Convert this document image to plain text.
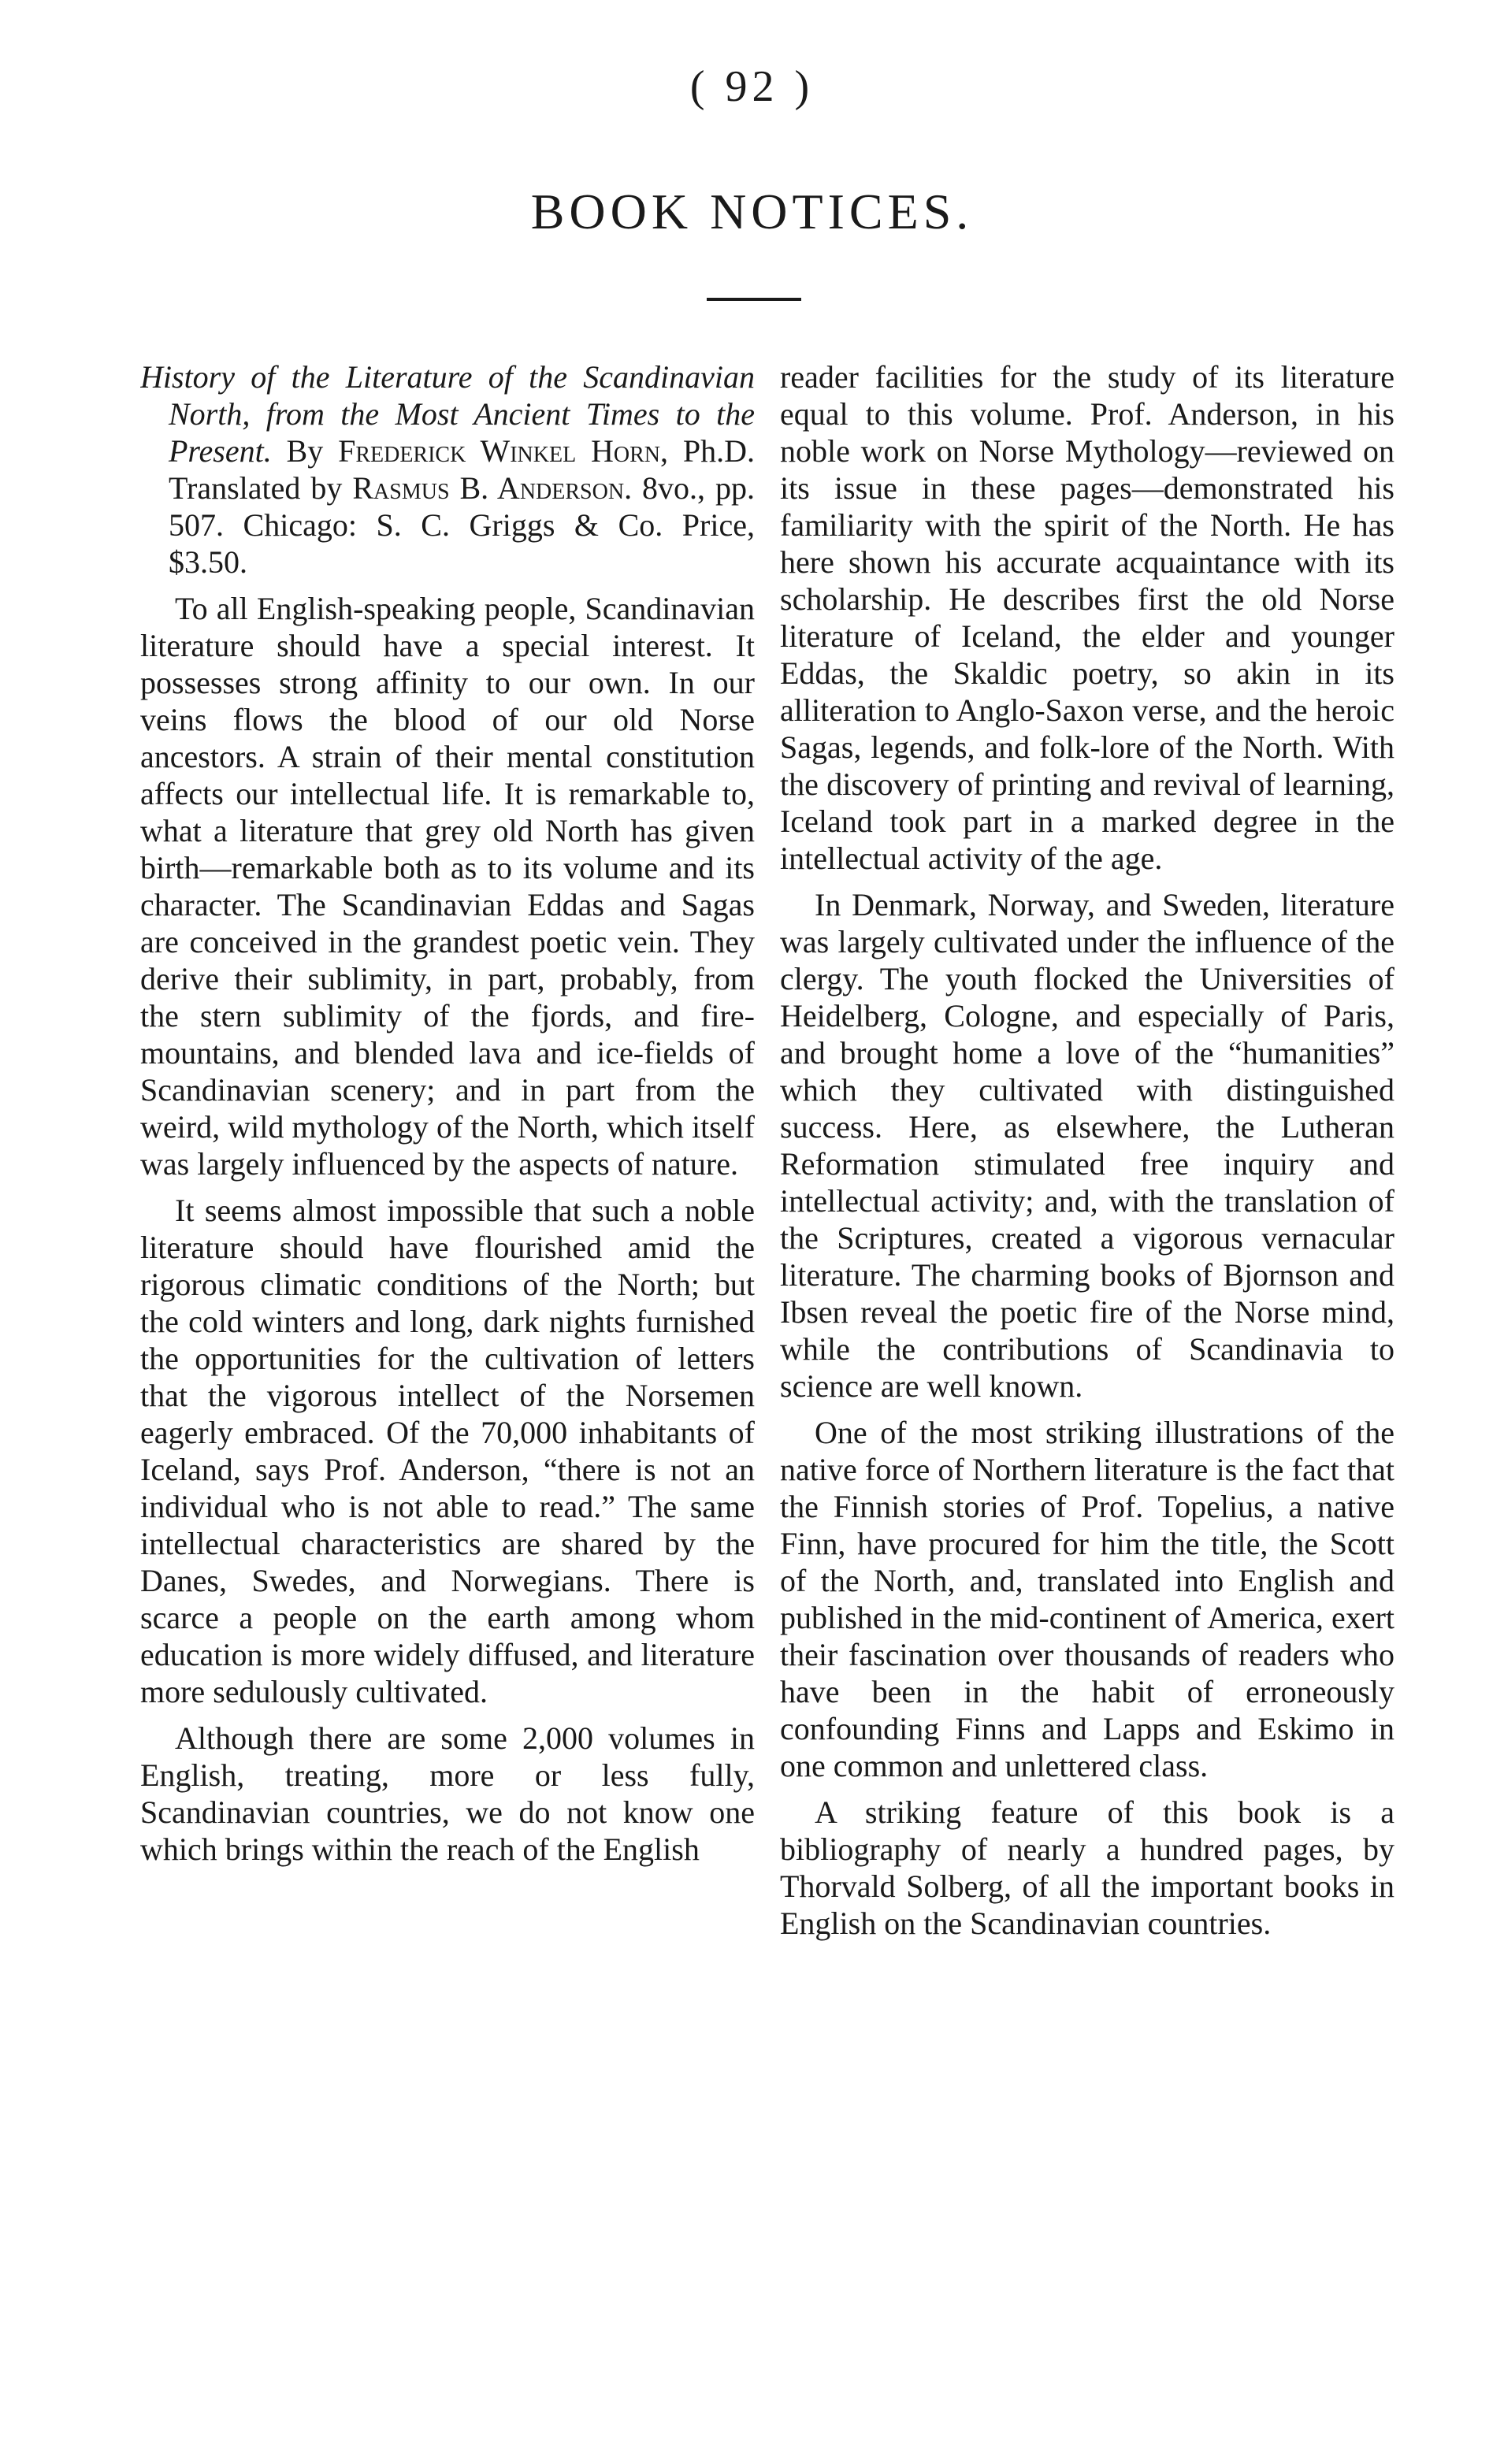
( 92 )
BOOK NOTICES.

History of the Literature of the Scandinavian North, from the Most Ancient Times to the Present. By Frederick Winkel Horn, Ph.D. Translated by Rasmus B. Anderson. 8vo., pp. 507. Chicago: S. C. Griggs & Co. Price, $3.50.

To all English-speaking people, Scandinavian literature should have a special interest. It possesses strong affinity to our own. In our veins flows the blood of our old Norse ancestors. A strain of their mental constitution affects our intellectual life. It is remarkable to, what a literature that grey old North has given birth—remarkable both as to its volume and its character. The Scandinavian Eddas and Sagas are conceived in the grandest poetic vein. They derive their sublimity, in part, probably, from the stern sublimity of the fjords, and fire-mountains, and blended lava and ice-fields of Scandinavian scenery; and in part from the weird, wild mythology of the North, which itself was largely influenced by the aspects of nature.

It seems almost impossible that such a noble literature should have flourished amid the rigorous climatic conditions of the North; but the cold winters and long, dark nights furnished the opportunities for the cultivation of letters that the vigorous intellect of the Norsemen eagerly embraced. Of the 70,000 inhabitants of Iceland, says Prof. Anderson, “there is not an individual who is not able to read.” The same intellectual characteristics are shared by the Danes, Swedes, and Norwegians. There is scarce a people on the earth among whom education is more widely diffused, and literature more sedulously cultivated.

Although there are some 2,000 volumes in English, treating, more or less fully, Scandinavian countries, we do not know one which brings within the reach of the English

reader facilities for the study of its literature equal to this volume. Prof. Anderson, in his noble work on Norse Mythology—reviewed on its issue in these pages—demonstrated his familiarity with the spirit of the North. He has here shown his accurate acquaintance with its scholarship. He describes first the old Norse literature of Iceland, the elder and younger Eddas, the Skaldic poetry, so akin in its alliteration to Anglo-Saxon verse, and the heroic Sagas, legends, and folk-lore of the North. With the discovery of printing and revival of learning, Iceland took part in a marked degree in the intellectual activity of the age.

In Denmark, Norway, and Sweden, literature was largely cultivated under the influence of the clergy. The youth flocked the Universities of Heidelberg, Cologne, and especially of Paris, and brought home a love of the “humanities” which they cultivated with distinguished success. Here, as elsewhere, the Lutheran Reformation stimulated free inquiry and intellectual activity; and, with the translation of the Scriptures, created a vigorous vernacular literature. The charming books of Bjornson and Ibsen reveal the poetic fire of the Norse mind, while the contributions of Scandinavia to science are well known.

One of the most striking illustrations of the native force of Northern literature is the fact that the Finnish stories of Prof. Topelius, a native Finn, have procured for him the title, the Scott of the North, and, translated into English and published in the mid-continent of America, exert their fascination over thousands of readers who have been in the habit of erroneously confounding Finns and Lapps and Eskimo in one common and unlettered class.

A striking feature of this book is a bibliography of nearly a hundred pages, by Thorvald Solberg, of all the important books in English on the Scandinavian countries.
